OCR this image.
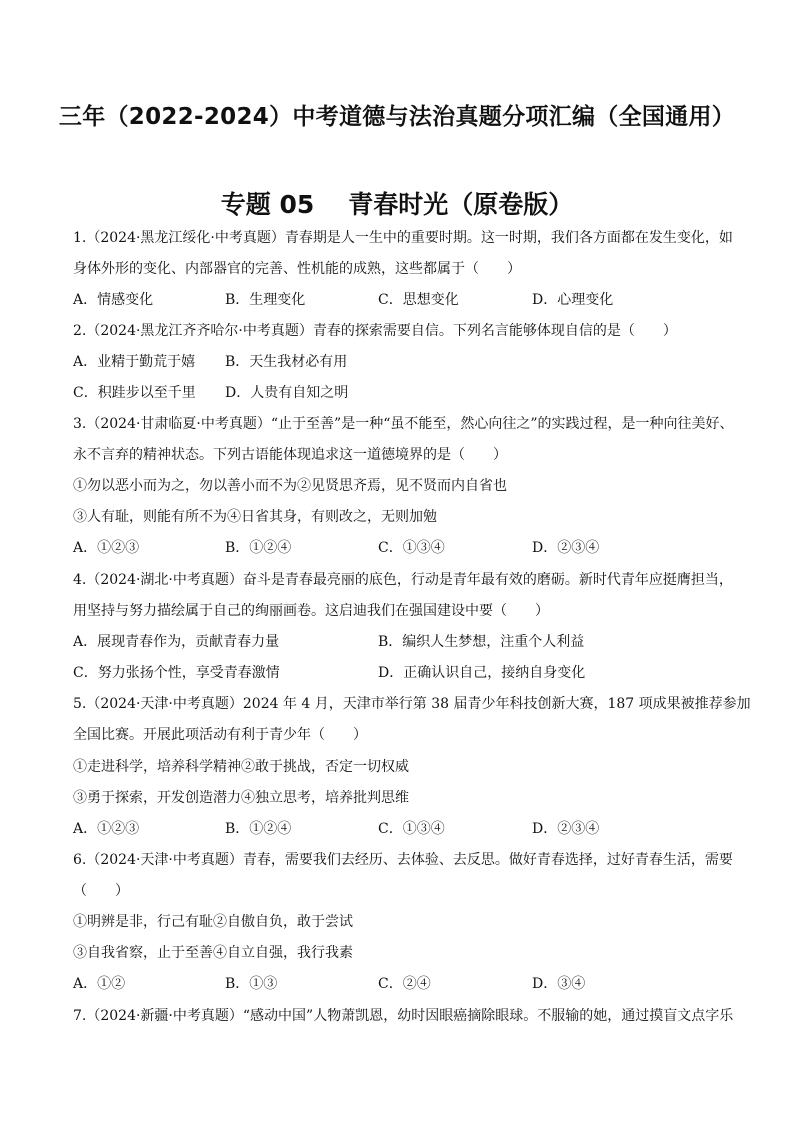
三年（2022-2024）中考道德与法治真题分项汇编（全国通用）
专题 05 青春时光（原卷版）
1.（2024·黑龙江绥化·中考真题）青春期是人一生中的重要时期。这一时期，我们各方面都在发生变化，如
身体外形的变化、内部器官的完善、性机能的成熟，这些都属于（　　）
A．情感变化	B．生理变化	C．思想变化	D．心理变化
2.（2024·黑龙江齐齐哈尔·中考真题）青春的探索需要自信。下列名言能够体现自信的是（　　）
A．业精于勤荒于嬉 B．天生我材必有用
C．积跬步以至千里 D．人贵有自知之明
3.（2024·甘肃临夏·中考真题）“止于至善”是一种“虽不能至，然心向往之”的实践过程，是一种向往美好、
永不言弃的精神状态。下列古语能体现追求这一道德境界的是（　　）
①勿以恶小而为之，勿以善小而不为②见贤思齐焉，见不贤而内自省也
③人有耻，则能有所不为④日省其身，有则改之，无则加勉
A．①②③	B．①②④	C．①③④	D．②③④
4.（2024·湖北·中考真题）奋斗是青春最亮丽的底色，行动是青年最有效的磨砺。新时代青年应挺膺担当，
用坚持与努力描绘属于自己的绚丽画卷。这启迪我们在强国建设中要（　　）
A．展现青春作为，贡献青春力量	B．编织人生梦想，注重个人利益
C．努力张扬个性，享受青春激情	D．正确认识自己，接纳自身变化
5.（2024·天津·中考真题）2024 年 4 月，天津市举行第 38 届青少年科技创新大赛，187 项成果被推荐参加
全国比赛。开展此项活动有利于青少年（　　）
①走进科学，培养科学精神②敢于挑战，否定一切权威
③勇于探索，开发创造潜力④独立思考，培养批判思维
A．①②③	B．①②④	C．①③④	D．②③④
6.（2024·天津·中考真题）青春，需要我们去经历、去体验、去反思。做好青春选择，过好青春生活，需要
（　　）
①明辨是非，行己有耻②自傲自负，敢于尝试
③自我省察，止于至善④自立自强，我行我素
A．①②	B．①③	C．②④	D．③④
7.（2024·新疆·中考真题）“感动中国”人物萧凯恩，幼时因眼癌摘除眼球。不服输的她，通过摸盲文点字乐
